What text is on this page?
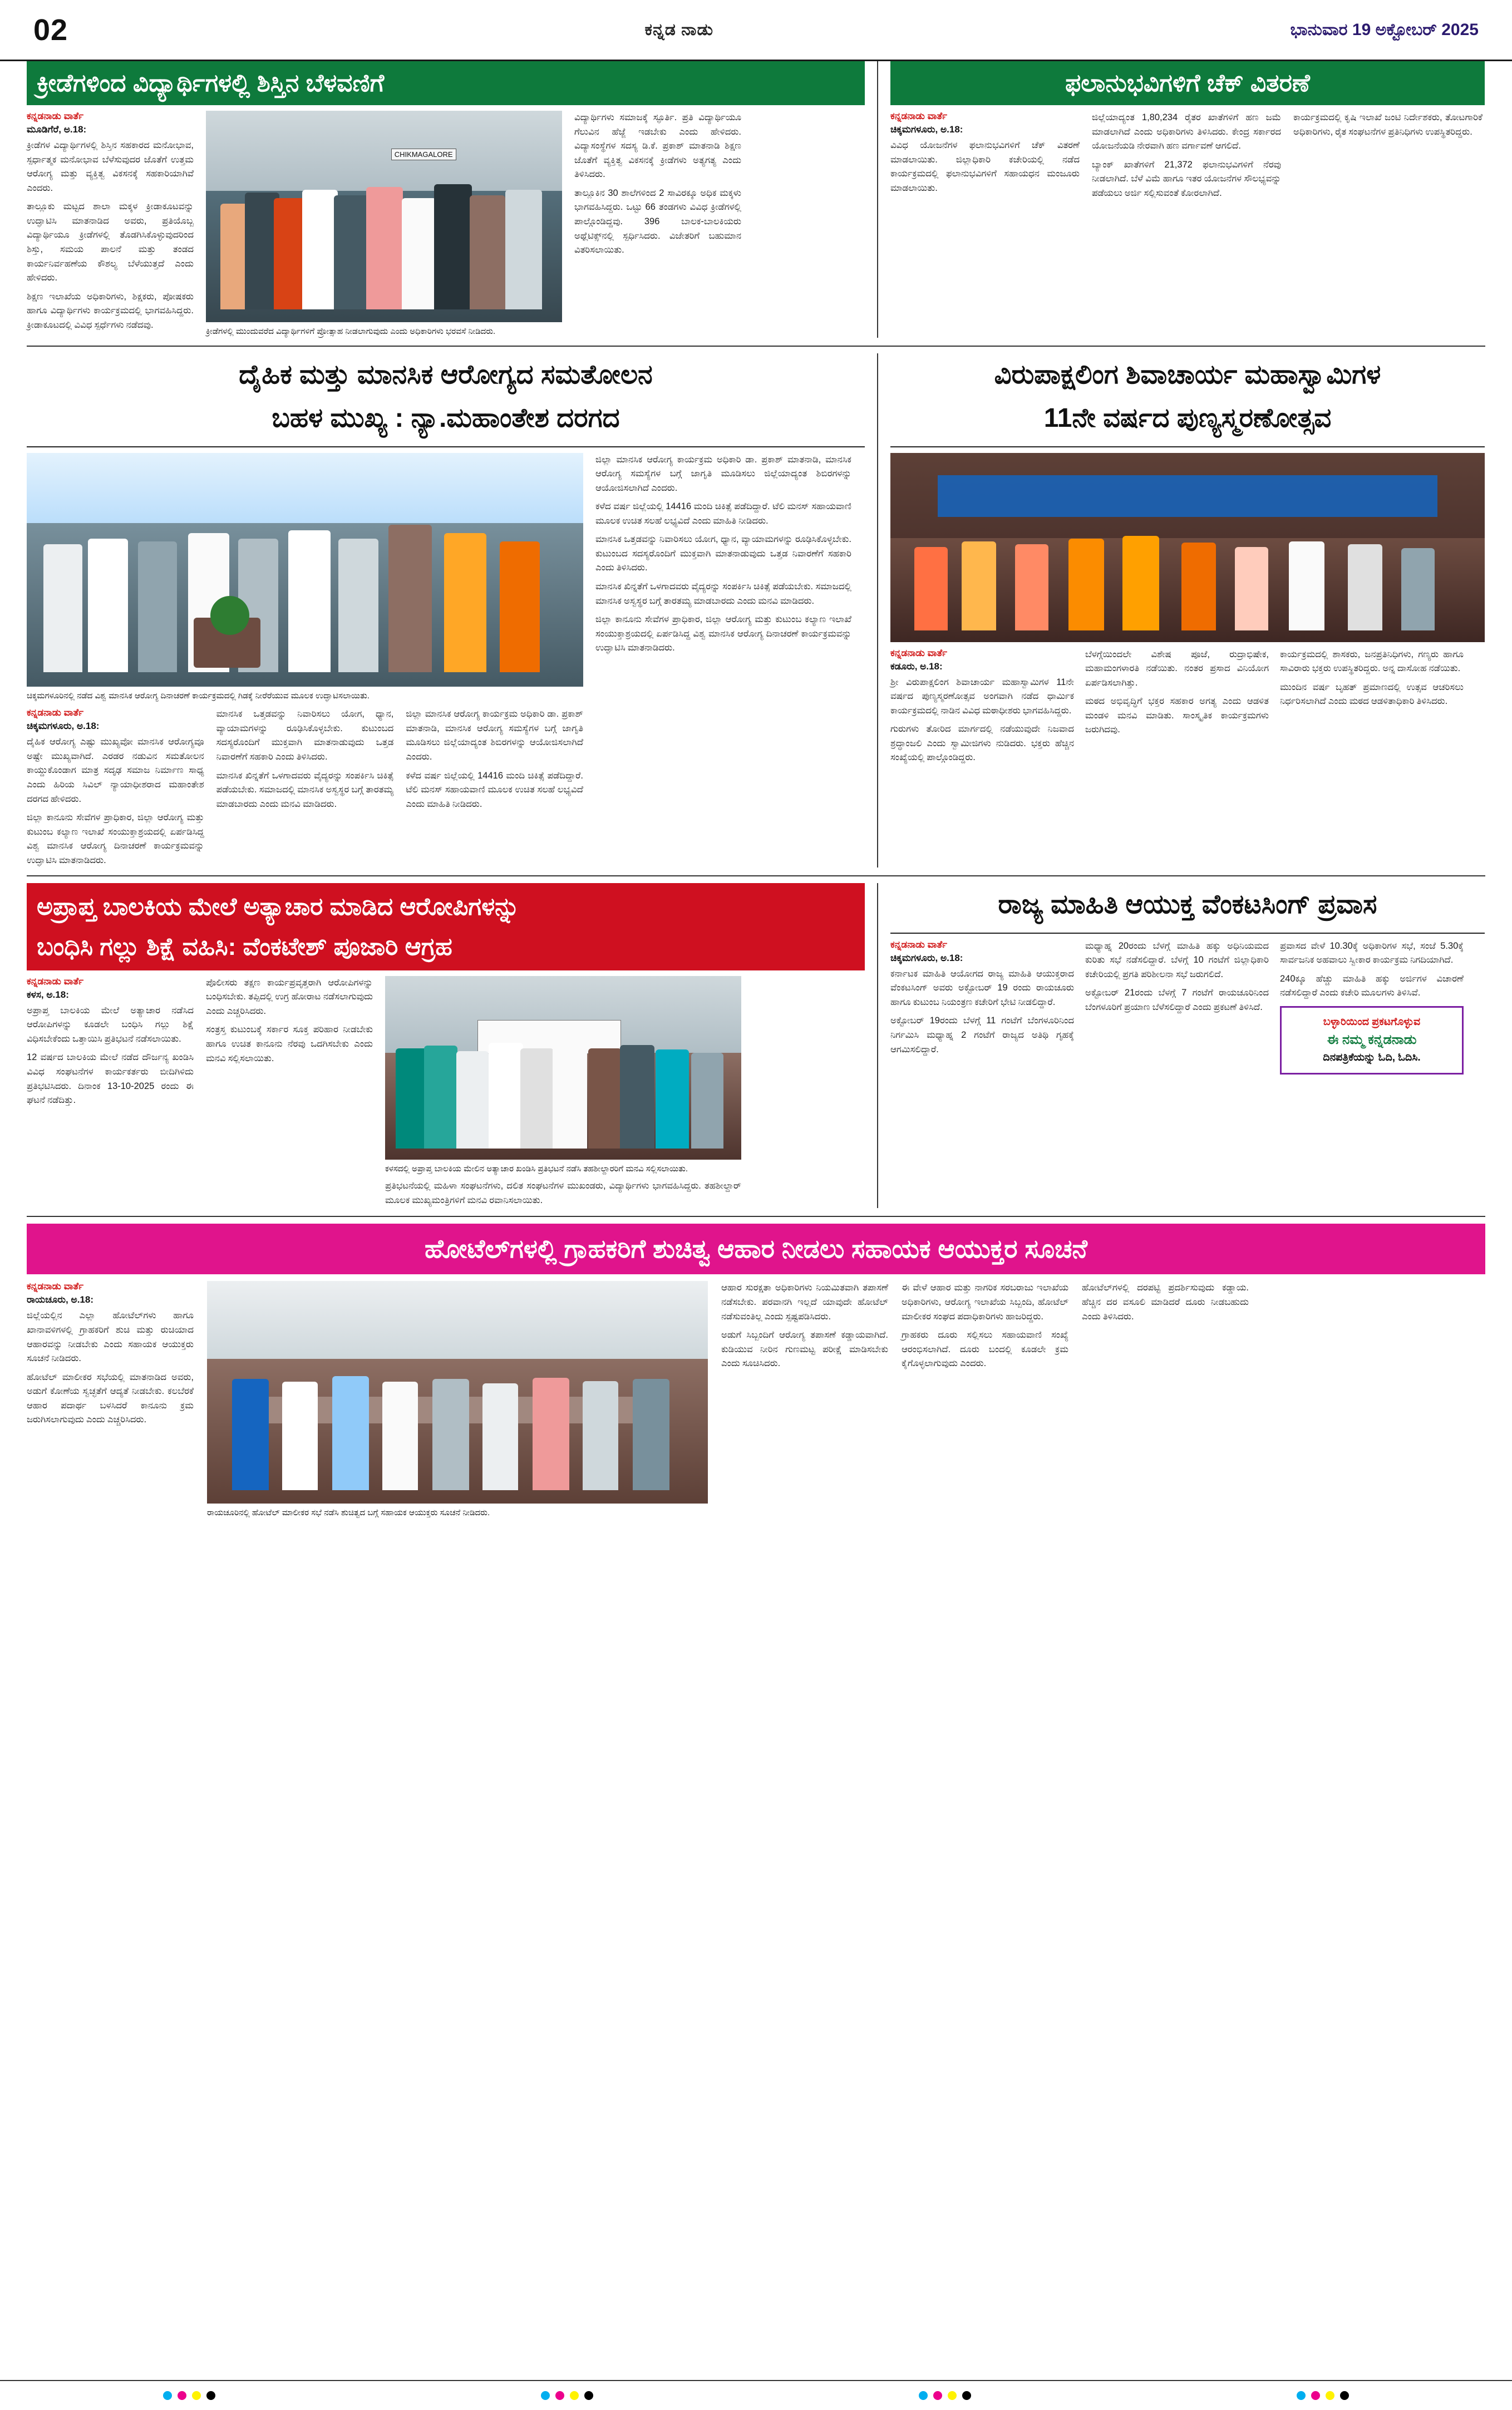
02	ಕನ್ನಡ ನಾಡು	ಭಾನುವಾರ 19 ಅಕ್ಟೋಬರ್ 2025
ಕ್ರೀಡೆಗಳಿಂದ ವಿದ್ಯಾರ್ಥಿಗಳಲ್ಲಿ ಶಿಸ್ತಿನ ಬೆಳವಣಿಗೆ
ಕನ್ನಡನಾಡು ವಾರ್ತೆ
ಮೂಡಿಗೆರೆ, ಅ.18:
ಕ್ರೀಡೆಗಳ ವಿದ್ಯಾರ್ಥಿಗಳಲ್ಲಿ ಶಿಸ್ತಿನ ಸಹಕಾರದ ಮನೋಭಾವ, ಸ್ಪರ್ಧಾತ್ಮಕ ಮನೋಭಾವ ಬೆಳೆಸುವುದರ ಜೊತೆಗೆ ಉತ್ತಮ ಆರೋಗ್ಯ ಮತ್ತು ವ್ಯಕ್ತಿತ್ವ ವಿಕಸನಕ್ಕೆ ಸಹಕಾರಿಯಾಗಿವೆ ಎಂದರು.
ತಾಲ್ಲೂಕು ಮಟ್ಟದ ಶಾಲಾ ಮಕ್ಕಳ ಕ್ರೀಡಾಕೂಟವನ್ನು ಉದ್ಘಾಟಿಸಿ ಮಾತನಾಡಿದ ಅವರು, ಪ್ರತಿಯೊಬ್ಬ ವಿದ್ಯಾರ್ಥಿಯೂ ಕ್ರೀಡೆಗಳಲ್ಲಿ ತೊಡಗಿಸಿಕೊಳ್ಳುವುದರಿಂದ ಶಿಸ್ತು, ಸಮಯ ಪಾಲನೆ ಮತ್ತು ತಂಡದ ಕಾರ್ಯನಿರ್ವಹಣೆಯ ಕೌಶಲ್ಯ ಬೆಳೆಯುತ್ತದೆ ಎಂದು ಹೇಳಿದರು.
ಶಿಕ್ಷಣ ಇಲಾಖೆಯ ಅಧಿಕಾರಿಗಳು, ಶಿಕ್ಷಕರು, ಪೋಷಕರು ಹಾಗೂ ವಿದ್ಯಾರ್ಥಿಗಳು ಕಾರ್ಯಕ್ರಮದಲ್ಲಿ ಭಾಗವಹಿಸಿದ್ದರು. ಕ್ರೀಡಾಕೂಟದಲ್ಲಿ ವಿವಿಧ ಸ್ಪರ್ಧೆಗಳು ನಡೆದವು.
CHIKMAGALORE
ಕ್ರೀಡೆಗಳಲ್ಲಿ ಮುಂದುವರೆದ ವಿದ್ಯಾರ್ಥಿಗಳಿಗೆ ಪ್ರೋತ್ಸಾಹ ನೀಡಲಾಗುವುದು ಎಂದು ಅಧಿಕಾರಿಗಳು ಭರವಸೆ ನೀಡಿದರು.
ವಿದ್ಯಾರ್ಥಿಗಳು ಸಮಾಜಕ್ಕೆ ಸ್ಫೂರ್ತಿ. ಪ್ರತಿ ವಿದ್ಯಾರ್ಥಿಯೂ ಗೆಲುವಿನ ಹೆಜ್ಜೆ ಇಡಬೇಕು ಎಂದು ಹೇಳಿದರು. ವಿದ್ಯಾಸಂಸ್ಥೆಗಳ ಸದಸ್ಯ ಡಿ.ಕೆ. ಪ್ರಕಾಶ್ ಮಾತನಾಡಿ ಶಿಕ್ಷಣ ಜೊತೆಗೆ ವ್ಯಕ್ತಿತ್ವ ವಿಕಸನಕ್ಕೆ ಕ್ರೀಡೆಗಳು ಅತ್ಯಗತ್ಯ ಎಂದು ತಿಳಿಸಿದರು.
ತಾಲ್ಲೂಕಿನ 30 ಶಾಲೆಗಳಿಂದ 2 ಸಾವಿರಕ್ಕೂ ಅಧಿಕ ಮಕ್ಕಳು ಭಾಗವಹಿಸಿದ್ದರು. ಒಟ್ಟು 66 ತಂಡಗಳು ವಿವಿಧ ಕ್ರೀಡೆಗಳಲ್ಲಿ ಪಾಲ್ಗೊಂಡಿದ್ದವು. 396 ಬಾಲಕ-ಬಾಲಕಿಯರು ಅಥ್ಲೆಟಿಕ್ಸ್‌ನಲ್ಲಿ ಸ್ಪರ್ಧಿಸಿದರು. ವಿಜೇತರಿಗೆ ಬಹುಮಾನ ವಿತರಿಸಲಾಯಿತು.
ಫಲಾನುಭವಿಗಳಿಗೆ ಚೆಕ್ ವಿತರಣೆ
ಕನ್ನಡನಾಡು ವಾರ್ತೆ
ಚಿಕ್ಕಮಗಳೂರು, ಅ.18:
ವಿವಿಧ ಯೋಜನೆಗಳ ಫಲಾನುಭವಿಗಳಿಗೆ ಚೆಕ್ ವಿತರಣೆ ಮಾಡಲಾಯಿತು. ಜಿಲ್ಲಾಧಿಕಾರಿ ಕಚೇರಿಯಲ್ಲಿ ನಡೆದ ಕಾರ್ಯಕ್ರಮದಲ್ಲಿ ಫಲಾನುಭವಿಗಳಿಗೆ ಸಹಾಯಧನ ಮಂಜೂರು ಮಾಡಲಾಯಿತು.
ಜಿಲ್ಲೆಯಾದ್ಯಂತ 1,80,234 ರೈತರ ಖಾತೆಗಳಿಗೆ ಹಣ ಜಮೆ ಮಾಡಲಾಗಿದೆ ಎಂದು ಅಧಿಕಾರಿಗಳು ತಿಳಿಸಿದರು. ಕೇಂದ್ರ ಸರ್ಕಾರದ ಯೋಜನೆಯಡಿ ನೇರವಾಗಿ ಹಣ ವರ್ಗಾವಣೆ ಆಗಲಿದೆ.
ಬ್ಯಾಂಕ್ ಖಾತೆಗಳಿಗೆ 21,372 ಫಲಾನುಭವಿಗಳಿಗೆ ನೆರವು ನೀಡಲಾಗಿದೆ. ಬೆಳೆ ವಿಮೆ ಹಾಗೂ ಇತರ ಯೋಜನೆಗಳ ಸೌಲಭ್ಯವನ್ನು ಪಡೆಯಲು ಅರ್ಜಿ ಸಲ್ಲಿಸುವಂತೆ ಕೋರಲಾಗಿದೆ.
ಕಾರ್ಯಕ್ರಮದಲ್ಲಿ ಕೃಷಿ ಇಲಾಖೆ ಜಂಟಿ ನಿರ್ದೇಶಕರು, ತೋಟಗಾರಿಕೆ ಅಧಿಕಾರಿಗಳು, ರೈತ ಸಂಘಟನೆಗಳ ಪ್ರತಿನಿಧಿಗಳು ಉಪಸ್ಥಿತರಿದ್ದರು.
ದೈಹಿಕ ಮತ್ತು ಮಾನಸಿಕ ಆರೋಗ್ಯದ ಸಮತೋಲನ
ಬಹಳ ಮುಖ್ಯ : ನ್ಯಾ.ಮಹಾಂತೇಶ ದರಗದ
ಚಿಕ್ಕಮಗಳೂರಿನಲ್ಲಿ ನಡೆದ ವಿಶ್ವ ಮಾನಸಿಕ ಆರೋಗ್ಯ ದಿನಾಚರಣೆ ಕಾರ್ಯಕ್ರಮದಲ್ಲಿ ಗಿಡಕ್ಕೆ ನೀರೆರೆಯುವ ಮೂಲಕ ಉದ್ಘಾಟಿಸಲಾಯಿತು.
ಕನ್ನಡನಾಡು ವಾರ್ತೆ
ಚಿಕ್ಕಮಗಳೂರು, ಅ.18:
ದೈಹಿಕ ಆರೋಗ್ಯ ಎಷ್ಟು ಮುಖ್ಯವೋ ಮಾನಸಿಕ ಆರೋಗ್ಯವೂ ಅಷ್ಟೇ ಮುಖ್ಯವಾಗಿದೆ. ಎರಡರ ನಡುವಿನ ಸಮತೋಲನ ಕಾಯ್ದುಕೊಂಡಾಗ ಮಾತ್ರ ಸದೃಢ ಸಮಾಜ ನಿರ್ಮಾಣ ಸಾಧ್ಯ ಎಂದು ಹಿರಿಯ ಸಿವಿಲ್ ನ್ಯಾಯಾಧೀಶರಾದ ಮಹಾಂತೇಶ ದರಗದ ಹೇಳಿದರು.
ಜಿಲ್ಲಾ ಕಾನೂನು ಸೇವೆಗಳ ಪ್ರಾಧಿಕಾರ, ಜಿಲ್ಲಾ ಆರೋಗ್ಯ ಮತ್ತು ಕುಟುಂಬ ಕಲ್ಯಾಣ ಇಲಾಖೆ ಸಂಯುಕ್ತಾಶ್ರಯದಲ್ಲಿ ಏರ್ಪಡಿಸಿದ್ದ ವಿಶ್ವ ಮಾನಸಿಕ ಆರೋಗ್ಯ ದಿನಾಚರಣೆ ಕಾರ್ಯಕ್ರಮವನ್ನು ಉದ್ಘಾಟಿಸಿ ಮಾತನಾಡಿದರು.
ಮಾನಸಿಕ ಒತ್ತಡವನ್ನು ನಿವಾರಿಸಲು ಯೋಗ, ಧ್ಯಾನ, ವ್ಯಾಯಾಮಗಳನ್ನು ರೂಢಿಸಿಕೊಳ್ಳಬೇಕು. ಕುಟುಂಬದ ಸದಸ್ಯರೊಂದಿಗೆ ಮುಕ್ತವಾಗಿ ಮಾತನಾಡುವುದು ಒತ್ತಡ ನಿವಾರಣೆಗೆ ಸಹಕಾರಿ ಎಂದು ತಿಳಿಸಿದರು.
ಮಾನಸಿಕ ಖಿನ್ನತೆಗೆ ಒಳಗಾದವರು ವೈದ್ಯರನ್ನು ಸಂಪರ್ಕಿಸಿ ಚಿಕಿತ್ಸೆ ಪಡೆಯಬೇಕು. ಸಮಾಜದಲ್ಲಿ ಮಾನಸಿಕ ಅಸ್ವಸ್ಥರ ಬಗ್ಗೆ ತಾರತಮ್ಯ ಮಾಡಬಾರದು ಎಂದು ಮನವಿ ಮಾಡಿದರು.
ಜಿಲ್ಲಾ ಮಾನಸಿಕ ಆರೋಗ್ಯ ಕಾರ್ಯಕ್ರಮ ಅಧಿಕಾರಿ ಡಾ. ಪ್ರಕಾಶ್ ಮಾತನಾಡಿ, ಮಾನಸಿಕ ಆರೋಗ್ಯ ಸಮಸ್ಯೆಗಳ ಬಗ್ಗೆ ಜಾಗೃತಿ ಮೂಡಿಸಲು ಜಿಲ್ಲೆಯಾದ್ಯಂತ ಶಿಬಿರಗಳನ್ನು ಆಯೋಜಿಸಲಾಗಿದೆ ಎಂದರು.
ಕಳೆದ ವರ್ಷ ಜಿಲ್ಲೆಯಲ್ಲಿ 14416 ಮಂದಿ ಚಿಕಿತ್ಸೆ ಪಡೆದಿದ್ದಾರೆ. ಟೆಲಿ ಮನಸ್ ಸಹಾಯವಾಣಿ ಮೂಲಕ ಉಚಿತ ಸಲಹೆ ಲಭ್ಯವಿದೆ ಎಂದು ಮಾಹಿತಿ ನೀಡಿದರು.
ಜಿಲ್ಲಾ ಮಾನಸಿಕ ಆರೋಗ್ಯ ಕಾರ್ಯಕ್ರಮ ಅಧಿಕಾರಿ ಡಾ. ಪ್ರಕಾಶ್ ಮಾತನಾಡಿ, ಮಾನಸಿಕ ಆರೋಗ್ಯ ಸಮಸ್ಯೆಗಳ ಬಗ್ಗೆ ಜಾಗೃತಿ ಮೂಡಿಸಲು ಜಿಲ್ಲೆಯಾದ್ಯಂತ ಶಿಬಿರಗಳನ್ನು ಆಯೋಜಿಸಲಾಗಿದೆ ಎಂದರು.
ಕಳೆದ ವರ್ಷ ಜಿಲ್ಲೆಯಲ್ಲಿ 14416 ಮಂದಿ ಚಿಕಿತ್ಸೆ ಪಡೆದಿದ್ದಾರೆ. ಟೆಲಿ ಮನಸ್ ಸಹಾಯವಾಣಿ ಮೂಲಕ ಉಚಿತ ಸಲಹೆ ಲಭ್ಯವಿದೆ ಎಂದು ಮಾಹಿತಿ ನೀಡಿದರು.
ಮಾನಸಿಕ ಒತ್ತಡವನ್ನು ನಿವಾರಿಸಲು ಯೋಗ, ಧ್ಯಾನ, ವ್ಯಾಯಾಮಗಳನ್ನು ರೂಢಿಸಿಕೊಳ್ಳಬೇಕು. ಕುಟುಂಬದ ಸದಸ್ಯರೊಂದಿಗೆ ಮುಕ್ತವಾಗಿ ಮಾತನಾಡುವುದು ಒತ್ತಡ ನಿವಾರಣೆಗೆ ಸಹಕಾರಿ ಎಂದು ತಿಳಿಸಿದರು.
ಮಾನಸಿಕ ಖಿನ್ನತೆಗೆ ಒಳಗಾದವರು ವೈದ್ಯರನ್ನು ಸಂಪರ್ಕಿಸಿ ಚಿಕಿತ್ಸೆ ಪಡೆಯಬೇಕು. ಸಮಾಜದಲ್ಲಿ ಮಾನಸಿಕ ಅಸ್ವಸ್ಥರ ಬಗ್ಗೆ ತಾರತಮ್ಯ ಮಾಡಬಾರದು ಎಂದು ಮನವಿ ಮಾಡಿದರು.
ಜಿಲ್ಲಾ ಕಾನೂನು ಸೇವೆಗಳ ಪ್ರಾಧಿಕಾರ, ಜಿಲ್ಲಾ ಆರೋಗ್ಯ ಮತ್ತು ಕುಟುಂಬ ಕಲ್ಯಾಣ ಇಲಾಖೆ ಸಂಯುಕ್ತಾಶ್ರಯದಲ್ಲಿ ಏರ್ಪಡಿಸಿದ್ದ ವಿಶ್ವ ಮಾನಸಿಕ ಆರೋಗ್ಯ ದಿನಾಚರಣೆ ಕಾರ್ಯಕ್ರಮವನ್ನು ಉದ್ಘಾಟಿಸಿ ಮಾತನಾಡಿದರು.
ವಿರುಪಾಕ್ಷಲಿಂಗ ಶಿವಾಚಾರ್ಯ ಮಹಾಸ್ವಾಮಿಗಳ
11ನೇ ವರ್ಷದ ಪುಣ್ಯಸ್ಮರಣೋತ್ಸವ
ಕನ್ನಡನಾಡು ವಾರ್ತೆ
ಕಡೂರು, ಅ.18:
ಶ್ರೀ ವಿರುಪಾಕ್ಷಲಿಂಗ ಶಿವಾಚಾರ್ಯ ಮಹಾಸ್ವಾಮಿಗಳ 11ನೇ ವರ್ಷದ ಪುಣ್ಯಸ್ಮರಣೋತ್ಸವ ಅಂಗವಾಗಿ ನಡೆದ ಧಾರ್ಮಿಕ ಕಾರ್ಯಕ್ರಮದಲ್ಲಿ ನಾಡಿನ ವಿವಿಧ ಮಠಾಧೀಶರು ಭಾಗವಹಿಸಿದ್ದರು.
ಗುರುಗಳು ತೋರಿದ ಮಾರ್ಗದಲ್ಲಿ ನಡೆಯುವುದೇ ನಿಜವಾದ ಶ್ರದ್ಧಾಂಜಲಿ ಎಂದು ಸ್ವಾಮೀಜಿಗಳು ನುಡಿದರು. ಭಕ್ತರು ಹೆಚ್ಚಿನ ಸಂಖ್ಯೆಯಲ್ಲಿ ಪಾಲ್ಗೊಂಡಿದ್ದರು.
ಬೆಳಗ್ಗೆಯಿಂದಲೇ ವಿಶೇಷ ಪೂಜೆ, ರುದ್ರಾಭಿಷೇಕ, ಮಹಾಮಂಗಳಾರತಿ ನಡೆಯಿತು. ನಂತರ ಪ್ರಸಾದ ವಿನಿಯೋಗ ಏರ್ಪಡಿಸಲಾಗಿತ್ತು.
ಮಠದ ಅಭಿವೃದ್ಧಿಗೆ ಭಕ್ತರ ಸಹಕಾರ ಅಗತ್ಯ ಎಂದು ಆಡಳಿತ ಮಂಡಳಿ ಮನವಿ ಮಾಡಿತು. ಸಾಂಸ್ಕೃತಿಕ ಕಾರ್ಯಕ್ರಮಗಳು ಜರುಗಿದವು.
ಕಾರ್ಯಕ್ರಮದಲ್ಲಿ ಶಾಸಕರು, ಜನಪ್ರತಿನಿಧಿಗಳು, ಗಣ್ಯರು ಹಾಗೂ ಸಾವಿರಾರು ಭಕ್ತರು ಉಪಸ್ಥಿತರಿದ್ದರು. ಅನ್ನ ದಾಸೋಹ ನಡೆಯಿತು.
ಮುಂದಿನ ವರ್ಷ ಬೃಹತ್ ಪ್ರಮಾಣದಲ್ಲಿ ಉತ್ಸವ ಆಚರಿಸಲು ನಿರ್ಧರಿಸಲಾಗಿದೆ ಎಂದು ಮಠದ ಆಡಳಿತಾಧಿಕಾರಿ ತಿಳಿಸಿದರು.
ಅಪ್ರಾಪ್ತ ಬಾಲಕಿಯ ಮೇಲೆ ಅತ್ಯಾಚಾರ ಮಾಡಿದ ಆರೋಪಿಗಳನ್ನು
ಬಂಧಿಸಿ ಗಲ್ಲು ಶಿಕ್ಷೆ ವಹಿಸಿ: ವೆಂಕಟೇಶ್ ಪೂಜಾರಿ ಆಗ್ರಹ
ಕನ್ನಡನಾಡು ವಾರ್ತೆ
ಕಳಸ, ಅ.18:
ಅಪ್ರಾಪ್ತ ಬಾಲಕಿಯ ಮೇಲೆ ಅತ್ಯಾಚಾರ ನಡೆಸಿದ ಆರೋಪಿಗಳನ್ನು ಕೂಡಲೇ ಬಂಧಿಸಿ ಗಲ್ಲು ಶಿಕ್ಷೆ ವಿಧಿಸಬೇಕೆಂದು ಒತ್ತಾಯಿಸಿ ಪ್ರತಿಭಟನೆ ನಡೆಸಲಾಯಿತು.
12 ವರ್ಷದ ಬಾಲಕಿಯ ಮೇಲೆ ನಡೆದ ದೌರ್ಜನ್ಯ ಖಂಡಿಸಿ ವಿವಿಧ ಸಂಘಟನೆಗಳ ಕಾರ್ಯಕರ್ತರು ಬೀದಿಗಿಳಿದು ಪ್ರತಿಭಟಿಸಿದರು. ದಿನಾಂಕ 13-10-2025 ರಂದು ಈ ಘಟನೆ ನಡೆದಿತ್ತು.
ಪೊಲೀಸರು ತಕ್ಷಣ ಕಾರ್ಯಪ್ರವೃತ್ತರಾಗಿ ಆರೋಪಿಗಳನ್ನು ಬಂಧಿಸಬೇಕು. ತಪ್ಪಿದಲ್ಲಿ ಉಗ್ರ ಹೋರಾಟ ನಡೆಸಲಾಗುವುದು ಎಂದು ಎಚ್ಚರಿಸಿದರು.
ಸಂತ್ರಸ್ತ ಕುಟುಂಬಕ್ಕೆ ಸರ್ಕಾರ ಸೂಕ್ತ ಪರಿಹಾರ ನೀಡಬೇಕು ಹಾಗೂ ಉಚಿತ ಕಾನೂನು ನೆರವು ಒದಗಿಸಬೇಕು ಎಂದು ಮನವಿ ಸಲ್ಲಿಸಲಾಯಿತು.
ಕಳಸದಲ್ಲಿ ಅಪ್ರಾಪ್ತ ಬಾಲಕಿಯ ಮೇಲಿನ ಅತ್ಯಾಚಾರ ಖಂಡಿಸಿ ಪ್ರತಿಭಟನೆ ನಡೆಸಿ ತಹಶೀಲ್ದಾರರಿಗೆ ಮನವಿ ಸಲ್ಲಿಸಲಾಯಿತು.
ಪ್ರತಿಭಟನೆಯಲ್ಲಿ ಮಹಿಳಾ ಸಂಘಟನೆಗಳು, ದಲಿತ ಸಂಘಟನೆಗಳ ಮುಖಂಡರು, ವಿದ್ಯಾರ್ಥಿಗಳು ಭಾಗವಹಿಸಿದ್ದರು. ತಹಶೀಲ್ದಾರ್ ಮೂಲಕ ಮುಖ್ಯಮಂತ್ರಿಗಳಿಗೆ ಮನವಿ ರವಾನಿಸಲಾಯಿತು.
ರಾಜ್ಯ ಮಾಹಿತಿ ಆಯುಕ್ತ ವೆಂಕಟಸಿಂಗ್ ಪ್ರವಾಸ
ಕನ್ನಡನಾಡು ವಾರ್ತೆ
ಚಿಕ್ಕಮಗಳೂರು, ಅ.18:
ಕರ್ನಾಟಕ ಮಾಹಿತಿ ಆಯೋಗದ ರಾಜ್ಯ ಮಾಹಿತಿ ಆಯುಕ್ತರಾದ ವೆಂಕಟಸಿಂಗ್ ಅವರು ಅಕ್ಟೋಬರ್ 19 ರಂದು ರಾಯಚೂರು ಹಾಗೂ ಕುಟುಂಬ ನಿಯಂತ್ರಣ ಕಚೇರಿಗೆ ಭೇಟಿ ನೀಡಲಿದ್ದಾರೆ.
ಅಕ್ಟೋಬರ್ 19ರಂದು ಬೆಳಗ್ಗೆ 11 ಗಂಟೆಗೆ ಬೆಂಗಳೂರಿನಿಂದ ನಿರ್ಗಮಿಸಿ ಮಧ್ಯಾಹ್ನ 2 ಗಂಟೆಗೆ ರಾಜ್ಯದ ಅತಿಥಿ ಗೃಹಕ್ಕೆ ಆಗಮಿಸಲಿದ್ದಾರೆ.
ಮಧ್ಯಾಹ್ನ 20ರಂದು ಬೆಳಗ್ಗೆ ಮಾಹಿತಿ ಹಕ್ಕು ಅಧಿನಿಯಮದ ಕುರಿತು ಸಭೆ ನಡೆಸಲಿದ್ದಾರೆ. ಬೆಳಗ್ಗೆ 10 ಗಂಟೆಗೆ ಜಿಲ್ಲಾಧಿಕಾರಿ ಕಚೇರಿಯಲ್ಲಿ ಪ್ರಗತಿ ಪರಿಶೀಲನಾ ಸಭೆ ಜರುಗಲಿದೆ.
ಅಕ್ಟೋಬರ್ 21ರಂದು ಬೆಳಗ್ಗೆ 7 ಗಂಟೆಗೆ ರಾಯಚೂರಿನಿಂದ ಬೆಂಗಳೂರಿಗೆ ಪ್ರಯಾಣ ಬೆಳೆಸಲಿದ್ದಾರೆ ಎಂದು ಪ್ರಕಟಣೆ ತಿಳಿಸಿದೆ.
ಪ್ರವಾಸದ ವೇಳೆ 10.30ಕ್ಕೆ ಅಧಿಕಾರಿಗಳ ಸಭೆ, ಸಂಜೆ 5.30ಕ್ಕೆ ಸಾರ್ವಜನಿಕ ಅಹವಾಲು ಸ್ವೀಕಾರ ಕಾರ್ಯಕ್ರಮ ನಿಗದಿಯಾಗಿದೆ.
240ಕ್ಕೂ ಹೆಚ್ಚು ಮಾಹಿತಿ ಹಕ್ಕು ಅರ್ಜಿಗಳ ವಿಚಾರಣೆ ನಡೆಸಲಿದ್ದಾರೆ ಎಂದು ಕಚೇರಿ ಮೂಲಗಳು ತಿಳಿಸಿವೆ.
ಬಳ್ಳಾರಿಯಿಂದ ಪ್ರಕಟಗೊಳ್ಳುವ
ಈ ನಮ್ಮ ಕನ್ನಡನಾಡು
ದಿನಪತ್ರಿಕೆಯನ್ನು ಓದಿ, ಓದಿಸಿ.
ಹೋಟೆಲ್‌ಗಳಲ್ಲಿ ಗ್ರಾಹಕರಿಗೆ ಶುಚಿತ್ವ ಆಹಾರ ನೀಡಲು ಸಹಾಯಕ ಆಯುಕ್ತರ ಸೂಚನೆ
ಕನ್ನಡನಾಡು ವಾರ್ತೆ
ರಾಯಚೂರು, ಅ.18:
ಜಿಲ್ಲೆಯಲ್ಲಿನ ಎಲ್ಲಾ ಹೋಟೆಲ್‌ಗಳು ಹಾಗೂ ಖಾನಾವಳಿಗಳಲ್ಲಿ ಗ್ರಾಹಕರಿಗೆ ಶುಚಿ ಮತ್ತು ರುಚಿಯಾದ ಆಹಾರವನ್ನು ನೀಡಬೇಕು ಎಂದು ಸಹಾಯಕ ಆಯುಕ್ತರು ಸೂಚನೆ ನೀಡಿದರು.
ಹೋಟೆಲ್ ಮಾಲೀಕರ ಸಭೆಯಲ್ಲಿ ಮಾತನಾಡಿದ ಅವರು, ಅಡುಗೆ ಕೋಣೆಯ ಸ್ವಚ್ಛತೆಗೆ ಆದ್ಯತೆ ನೀಡಬೇಕು. ಕಲಬೆರಕೆ ಆಹಾರ ಪದಾರ್ಥ ಬಳಸಿದರೆ ಕಾನೂನು ಕ್ರಮ ಜರುಗಿಸಲಾಗುವುದು ಎಂದು ಎಚ್ಚರಿಸಿದರು.
ರಾಯಚೂರಿನಲ್ಲಿ ಹೋಟೆಲ್ ಮಾಲೀಕರ ಸಭೆ ನಡೆಸಿ ಶುಚಿತ್ವದ ಬಗ್ಗೆ ಸಹಾಯಕ ಆಯುಕ್ತರು ಸೂಚನೆ ನೀಡಿದರು.
ಆಹಾರ ಸುರಕ್ಷತಾ ಅಧಿಕಾರಿಗಳು ನಿಯಮಿತವಾಗಿ ತಪಾಸಣೆ ನಡೆಸಬೇಕು. ಪರವಾನಗಿ ಇಲ್ಲದೆ ಯಾವುದೇ ಹೋಟೆಲ್ ನಡೆಸುವಂತಿಲ್ಲ ಎಂದು ಸ್ಪಷ್ಟಪಡಿಸಿದರು.
ಅಡುಗೆ ಸಿಬ್ಬಂದಿಗೆ ಆರೋಗ್ಯ ತಪಾಸಣೆ ಕಡ್ಡಾಯವಾಗಿದೆ. ಕುಡಿಯುವ ನೀರಿನ ಗುಣಮಟ್ಟ ಪರೀಕ್ಷೆ ಮಾಡಿಸಬೇಕು ಎಂದು ಸೂಚಿಸಿದರು.
ಈ ವೇಳೆ ಆಹಾರ ಮತ್ತು ನಾಗರಿಕ ಸರಬರಾಜು ಇಲಾಖೆಯ ಅಧಿಕಾರಿಗಳು, ಆರೋಗ್ಯ ಇಲಾಖೆಯ ಸಿಬ್ಬಂದಿ, ಹೋಟೆಲ್ ಮಾಲೀಕರ ಸಂಘದ ಪದಾಧಿಕಾರಿಗಳು ಹಾಜರಿದ್ದರು.
ಗ್ರಾಹಕರು ದೂರು ಸಲ್ಲಿಸಲು ಸಹಾಯವಾಣಿ ಸಂಖ್ಯೆ ಆರಂಭಿಸಲಾಗಿದೆ. ದೂರು ಬಂದಲ್ಲಿ ಕೂಡಲೇ ಕ್ರಮ ಕೈಗೊಳ್ಳಲಾಗುವುದು ಎಂದರು.
ಹೋಟೆಲ್‌ಗಳಲ್ಲಿ ದರಪಟ್ಟಿ ಪ್ರದರ್ಶಿಸುವುದು ಕಡ್ಡಾಯ. ಹೆಚ್ಚಿನ ದರ ವಸೂಲಿ ಮಾಡಿದರೆ ದೂರು ನೀಡಬಹುದು ಎಂದು ತಿಳಿಸಿದರು.
